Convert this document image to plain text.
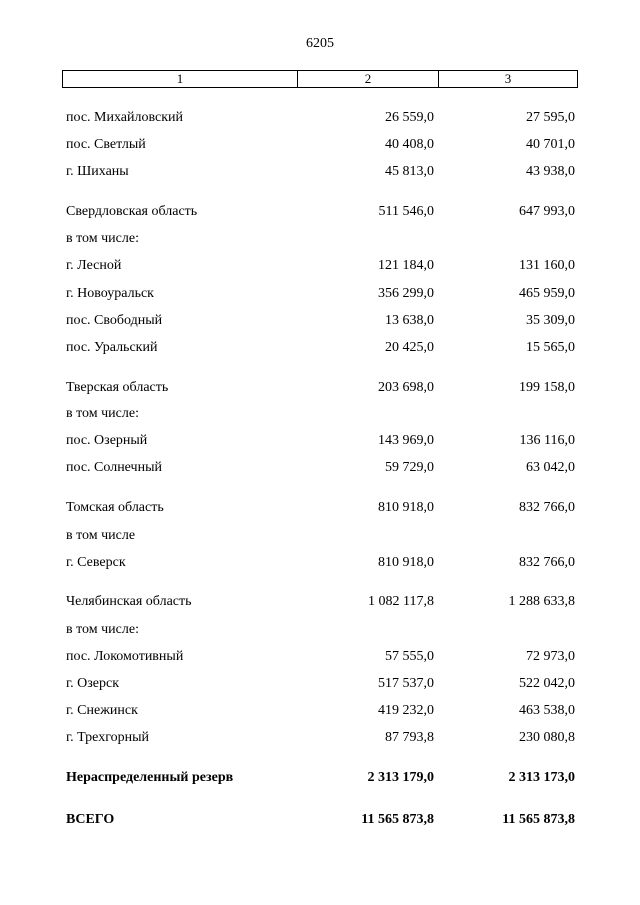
6205
1	2	3
пос. Михайловский	26 559,0	27 595,0
пос. Светлый	40 408,0	40 701,0
г. Шиханы	45 813,0	43 938,0
Свердловская область	511 546,0	647 993,0
в том числе:
г. Лесной	121 184,0	131 160,0
г. Новоуральск	356 299,0	465 959,0
пос. Свободный	13 638,0	35 309,0
пос. Уральский	20 425,0	15 565,0
Тверская область	203 698,0	199 158,0
в том числе:
пос. Озерный	143 969,0	136 116,0
пос. Солнечный	59 729,0	63 042,0
Томская область	810 918,0	832 766,0
в том числе
г. Северск	810 918,0	832 766,0
Челябинская область	1 082 117,8	1 288 633,8
в том числе:
пос. Локомотивный	57 555,0	72 973,0
г. Озерск	517 537,0	522 042,0
г. Снежинск	419 232,0	463 538,0
г. Трехгорный	87 793,8	230 080,8
Нераспределенный резерв	2 313 179,0	2 313 173,0
ВСЕГО	11 565 873,8	11 565 873,8
